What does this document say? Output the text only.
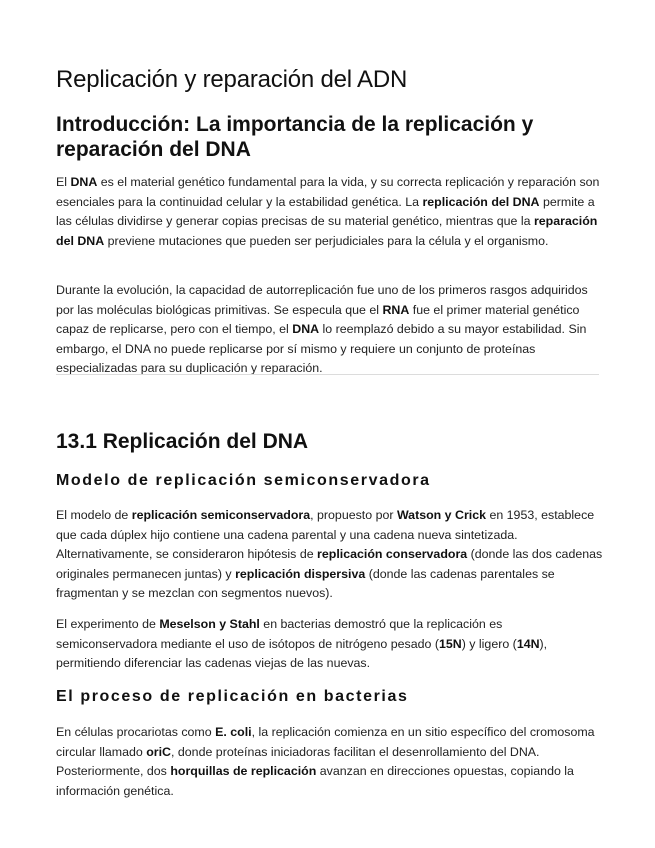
Replicación y reparación del ADN
Introducción: La importancia de la replicación y reparación del DNA

El DNA es el material genético fundamental para la vida, y su correcta replicación y reparación son esenciales para la continuidad celular y la estabilidad genética. La replicación del DNA permite a las células dividirse y generar copias precisas de su material genético, mientras que la reparación del DNA previene mutaciones que pueden ser perjudiciales para la célula y el organismo.

Durante la evolución, la capacidad de autorreplicación fue uno de los primeros rasgos adquiridos por las moléculas biológicas primitivas. Se especula que el RNA fue el primer material genético capaz de replicarse, pero con el tiempo, el DNA lo reemplazó debido a su mayor estabilidad. Sin embargo, el DNA no puede replicarse por sí mismo y requiere un conjunto de proteínas especializadas para su duplicación y reparación.

13.1 Replicación del DNA
Modelo de replicación semiconservadora

El modelo de replicación semiconservadora, propuesto por Watson y Crick en 1953, establece que cada dúplex hijo contiene una cadena parental y una cadena nueva sintetizada. Alternativamente, se consideraron hipótesis de replicación conservadora (donde las dos cadenas originales permanecen juntas) y replicación dispersiva (donde las cadenas parentales se fragmentan y se mezclan con segmentos nuevos).

El experimento de Meselson y Stahl en bacterias demostró que la replicación es semiconservadora mediante el uso de isótopos de nitrógeno pesado (15N) y ligero (14N), permitiendo diferenciar las cadenas viejas de las nuevas.

El proceso de replicación en bacterias

En células procariotas como E. coli, la replicación comienza en un sitio específico del cromosoma circular llamado oriC, donde proteínas iniciadoras facilitan el desenrollamiento del DNA. Posteriormente, dos horquillas de replicación avanzan en direcciones opuestas, copiando la información genética.
